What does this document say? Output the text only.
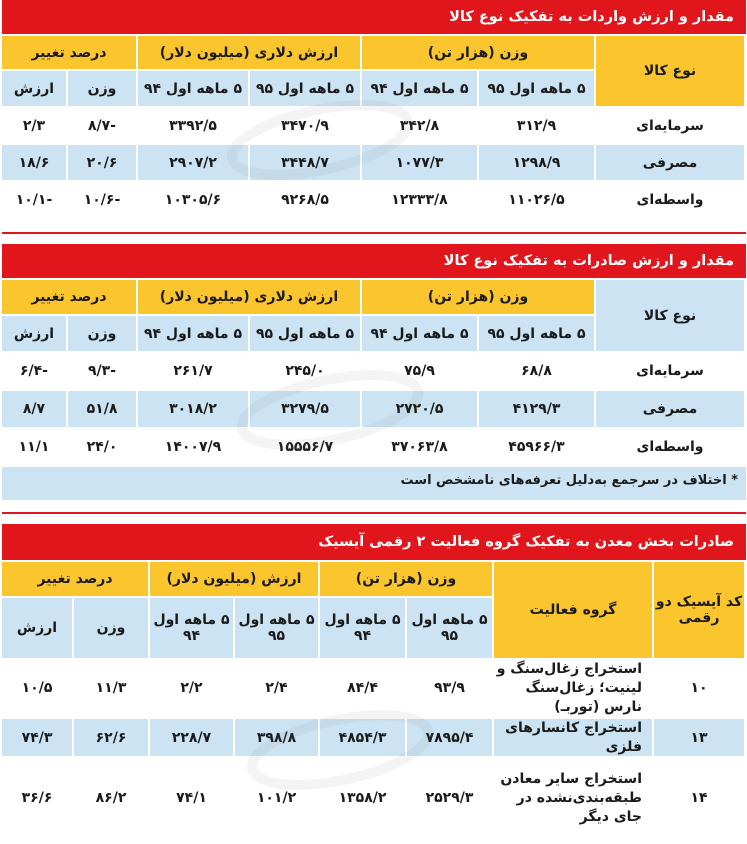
مقدار و ارزش واردات به تفکیک نوع کالا
نوع کالا	وزن (هزار تن)		ارزش دلاری (میلیون دلار)		درصد تغییر	
	۵ ماهه اول ۹۵	۵ ماهه اول ۹۴	۵ ماهه اول ۹۵	۵ ماهه اول ۹۴	وزن	ارزش
سرمایه‌ای	۳۱۲/۹	۳۴۲/۸	۳۴۷۰/۹	۳۳۹۲/۵	-۸/۷	۲/۳
مصرفی	۱۲۹۸/۹	۱۰۷۷/۳	۳۴۴۸/۷	۲۹۰۷/۲	۲۰/۶	۱۸/۶
واسطه‌ای	۱۱۰۲۶/۵	۱۲۳۳۳/۸	۹۲۶۸/۵	۱۰۳۰۵/۶	-۱۰/۶	-۱۰/۱
مقدار و ارزش صادرات به تفکیک نوع کالا
نوع کالا	وزن (هزار تن)		ارزش دلاری (میلیون دلار)		درصد تغییر	
	۵ ماهه اول ۹۵	۵ ماهه اول ۹۴	۵ ماهه اول ۹۵	۵ ماهه اول ۹۴	وزن	ارزش
سرمایه‌ای	۶۸/۸	۷۵/۹	۲۴۵/۰	۲۶۱/۷	-۹/۳	-۶/۴
مصرفی	۴۱۲۹/۳	۲۷۲۰/۵	۳۲۷۹/۵	۳۰۱۸/۲	۵۱/۸	۸/۷
واسطه‌ای	۴۵۹۶۶/۳	۳۷۰۶۳/۸	۱۵۵۵۶/۷	۱۴۰۰۷/۹	۲۴/۰	۱۱/۱
* اختلاف در سرجمع به‌دلیل تعرفه‌های نامشخص است
صادرات بخش معدن به تفکیک گروه فعالیت ۲ رقمی آیسیک
کد آیسیک دو رقمی	گروه فعالیت	وزن (هزار تن)		ارزش (میلیون دلار)		درصد تغییر	
		۵ ماهه اول ۹۵	۵ ماهه اول ۹۴	۵ ماهه اول ۹۵	۵ ماهه اول ۹۴	وزن	ارزش
۱۰	استخراج زغال‌سنگ و لینیت؛ زغال‌سنگ نارس (توربـ)	۹۳/۹	۸۴/۴	۲/۴	۲/۲	۱۱/۳	۱۰/۵
۱۳	استخراج کانسارهای فلزی	۷۸۹۵/۴	۴۸۵۴/۳	۳۹۸/۸	۲۲۸/۷	۶۲/۶	۷۴/۳
۱۴	استخراج سایر معادن طبقه‌بندی‌نشده در جای دیگر	۲۵۲۹/۳	۱۳۵۸/۲	۱۰۱/۲	۷۴/۱	۸۶/۲	۳۶/۶
